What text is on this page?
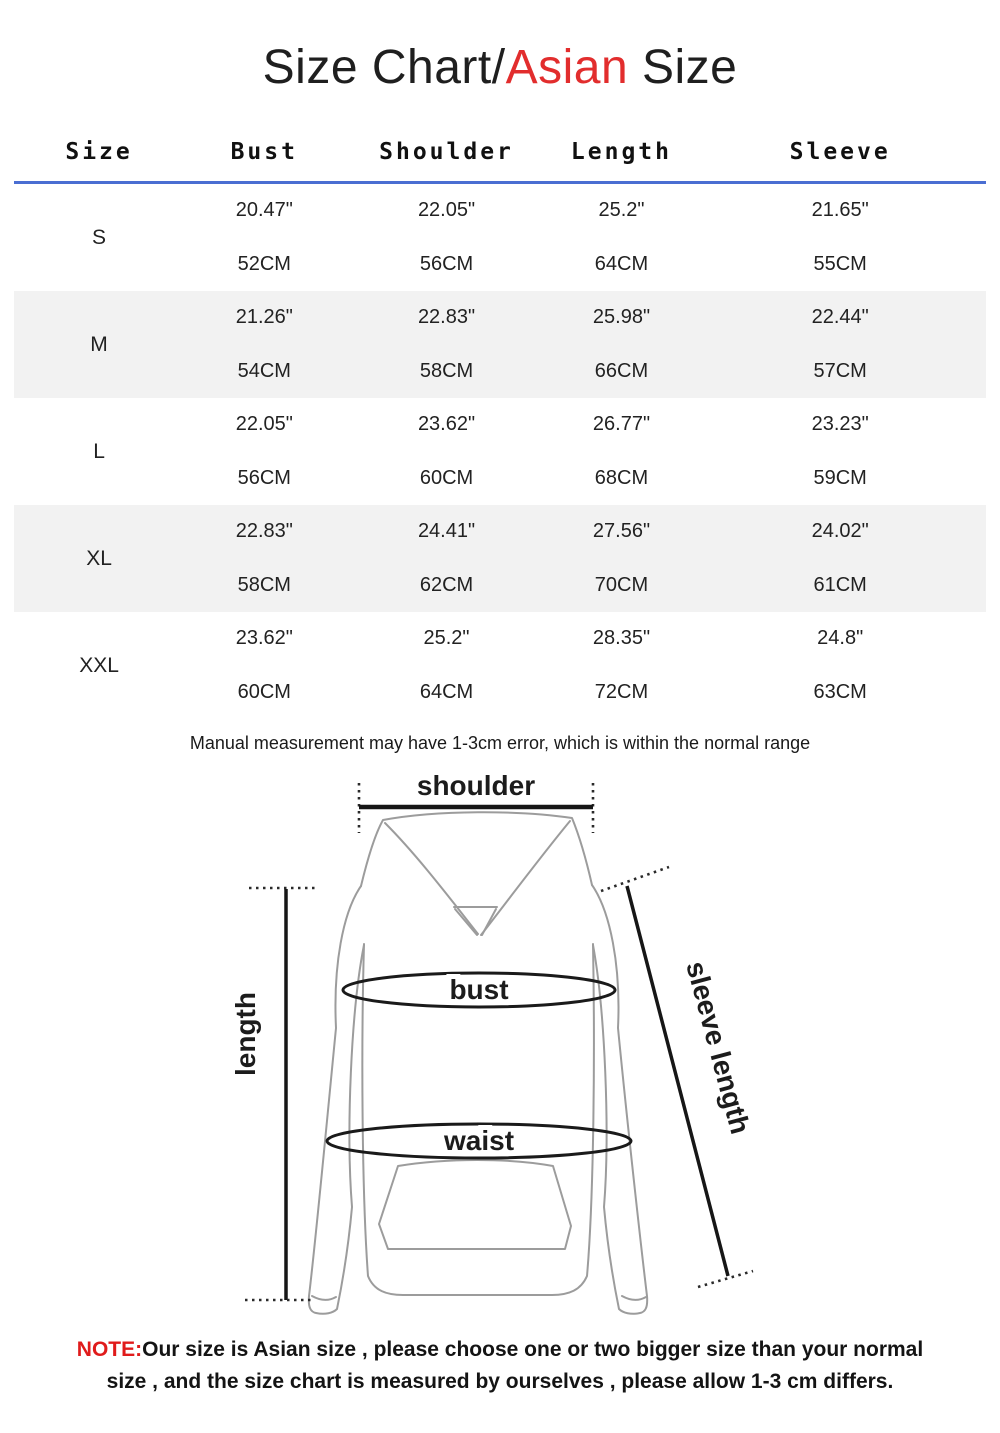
Size Chart/Asian Size
Size	Bust	Shoulder	Length	Sleeve
S
20.47"	22.05"	25.2"	21.65"
52CM	56CM	64CM	55CM
M
21.26"	22.83"	25.98"	22.44"
54CM	58CM	66CM	57CM
L
22.05"	23.62"	26.77"	23.23"
56CM	60CM	68CM	59CM
XL
22.83"	24.41"	27.56"	24.02"
58CM	62CM	70CM	61CM
XXL
23.62"	25.2"	28.35"	24.8"
60CM	64CM	72CM	63CM
Manual measurement may have 1-3cm error, which is within the normal range
shoulder
bust
waist
length	sleeve length
NOTE:Our size is Asian size , please choose one or two bigger size than your normal
size , and the size chart is measured by ourselves , please allow 1-3 cm differs.
